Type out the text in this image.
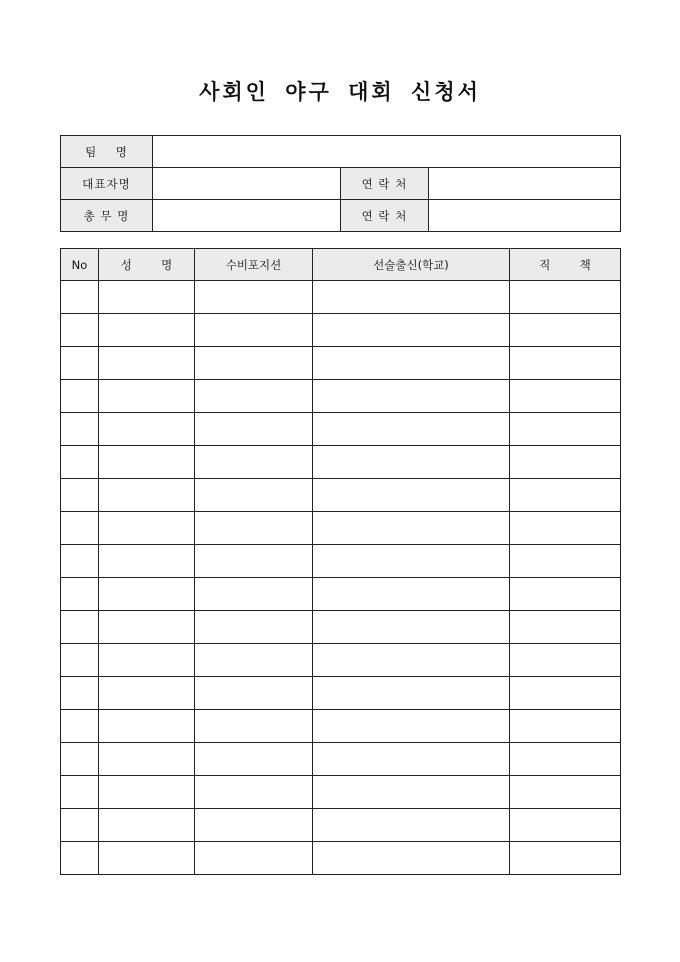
사회인 야구 대회 신청서
팀    명			
대표자명		연 락 처	
총 무 명		연 락 처	
No	성        명	수비포지션	선술출신(학교)	직        책
